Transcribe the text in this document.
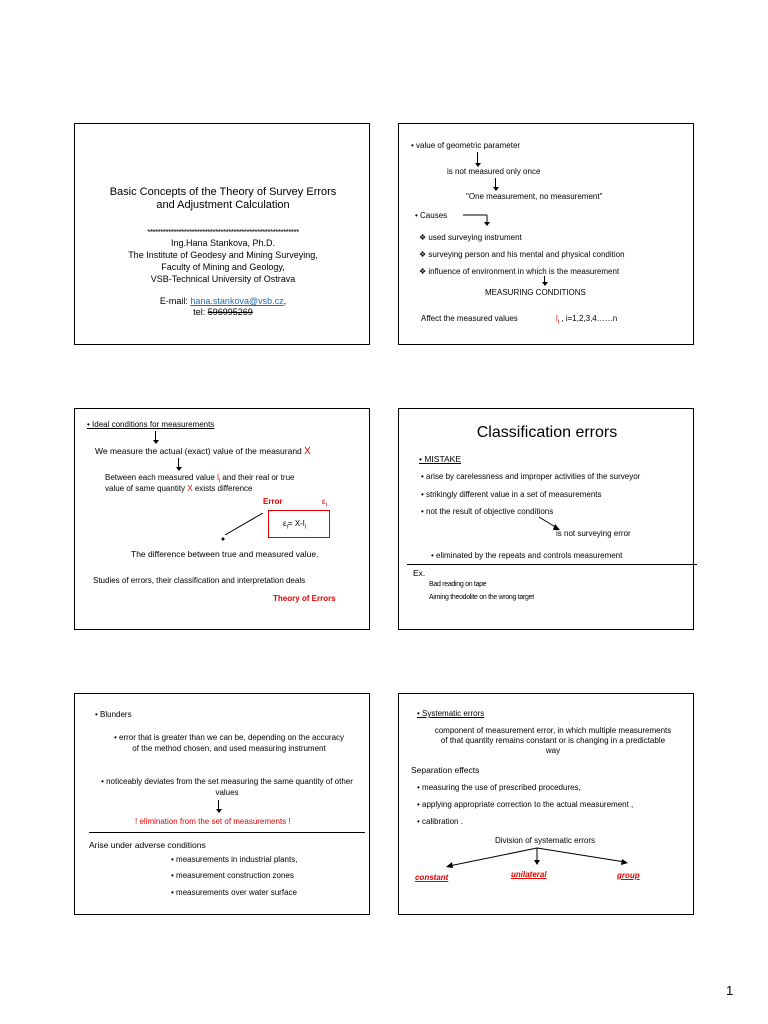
Basic Concepts of the Theory of Survey Errors
and Adjustment Calculation
**********************************************************
Ing.Hana Stankova, Ph.D.
The Institute of Geodesy and Mining Surveying,
Faculty of Mining and Geology,
VSB-Technical University of Ostrava
E-mail: hana.stankova@vsb.cz,
tel: 596995269
• value of geometric parameter
is not measured only once
"One measurement, no measurement"
• Causes
❖ used surveying instrument
❖ surveying person and his mental and physical condition
❖ influence of environment in which is the measurement
MEASURING CONDITIONS
Affect the measured values	$l_i$ , i=1,2,3,4……n
• Ideal conditions for measurements
We measure the actual (exact) value of the measurand X
Between each measured value $l_i$ and their real or true
value of same quantity X exists difference
Error	$\varepsilon_i$
$\varepsilon_i= X-l_i$
The difference between true and measured value.
Studies of errors, their classification and interpretation deals
Theory of Errors
Classification errors
• MISTAKE
• arise by carelessness and improper activities of the surveyor
• strikingly different value in a set of measurements
• not the result of objective conditions
is not surveying error
• eliminated by the repeats and controls measurement
Ex.
Bad reading on tape
Aiming theodolite on the wrong target
• Blunders
• error that is greater than we can be, depending on the accuracy of the method chosen, and used measuring instrument
• noticeably deviates from the set measuring the same quantity of other values
! elimination from the set of measurements !
Arise under adverse conditions
• measurements in industrial plants,
• measurement construction zones
• measurements over water surface
• Systematic errors
component of measurement error, in which multiple measurements of that quantity remains constant or is changing in a predictable way
Separation effects
• measuring the use of prescribed procedures,
• applying appropriate correction to the actual measurement ,
• calibration .
Division of systematic errors
constant	unilateral	group
1
